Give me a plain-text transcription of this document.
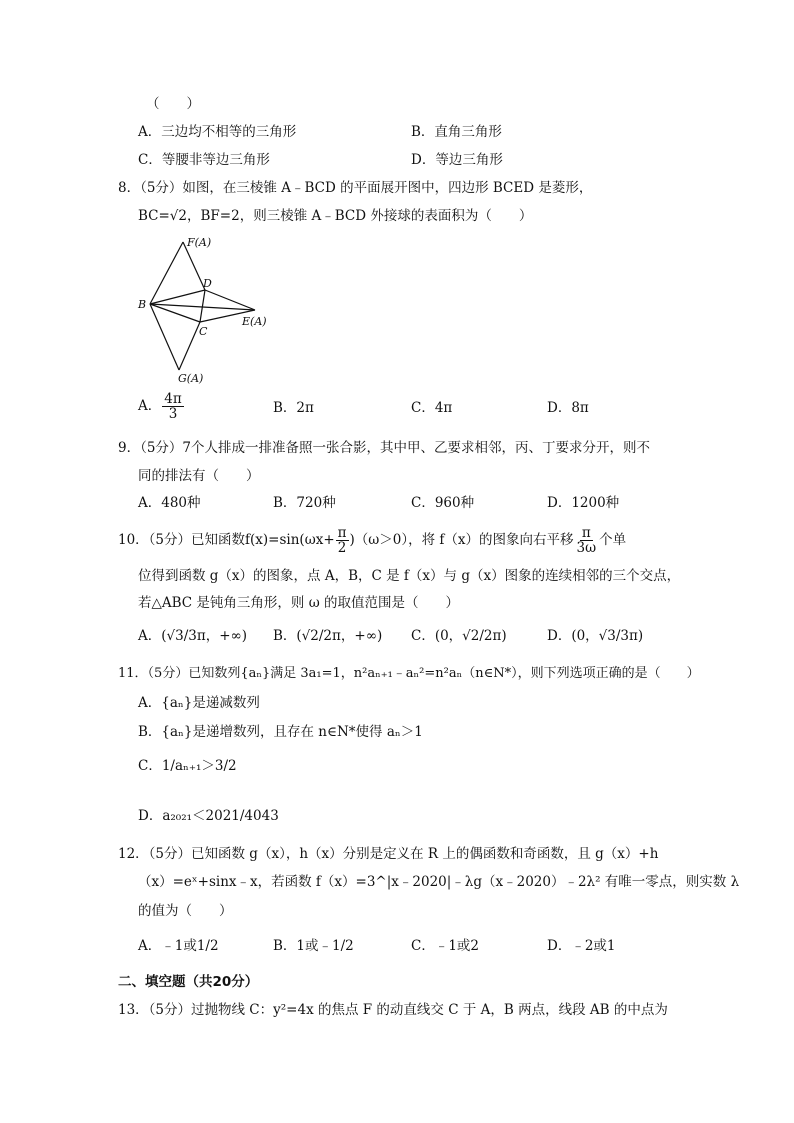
（　　）
A．三边均不相等的三角形	B．直角三角形
C．等腰非等边三角形	D．等边三角形
8．（5分）如图，在三棱锥 A﹣BCD 的平面展开图中，四边形 BCED 是菱形，
BC=√2，BF=2，则三棱锥 A﹣BCD 外接球的表面积为（　　）
F(A)
D
B
C
E(A)
G(A)
A． $\frac{4\pi}{3}$	B．2π	C．4π	D．8π
9．（5分）7个人排成一排准备照一张合影，其中甲、乙要求相邻，丙、丁要求分开，则不
同的排法有（　　）
A．480种	B．720种	C．960种	D．1200种
10．（5分）已知函数$f(x)=\sin(\omega x+ \frac{\pi}{2} )(\omega>0)$，将 f（x）的图象向右平移 $\frac{\pi}{3\omega}$ 个单
位得到函数 g（x）的图象，点 A，B，C 是 f（x）与 g（x）图象的连续相邻的三个交点，
若△ABC 是钝角三角形，则 ω 的取值范围是（　　）
A．(√3/3π，+∞) B．(√2/2π，+∞) C．(0，√2/2π)	D．(0，√3/3π)
11．（5分）已知数列{aₙ}满足 3a₁=1，n²aₙ₊₁﹣aₙ²=n²aₙ（n∈N*），则下列选项正确的是（　　）
A．{aₙ}是递减数列
B．{aₙ}是递增数列，且存在 n∈N*使得 aₙ＞1
C．1/aₙ₊₁＞3/2
D．a₂₀₂₁＜2021/4043
12．（5分）已知函数 g（x），h（x）分别是定义在 R 上的偶函数和奇函数，且 g（x）+h
（x）=eˣ+sinx﹣x，若函数 f（x）=3^|x﹣2020|﹣λg（x﹣2020）﹣2λ² 有唯一零点，则实数 λ
的值为（　　）
A．﹣1或1/2	B．1或﹣1/2	C．﹣1或2	D．﹣2或1
二、填空题（共20分）
13．（5分）过抛物线 C：y²=4x 的焦点 F 的动直线交 C 于 A，B 两点，线段 AB 的中点为
